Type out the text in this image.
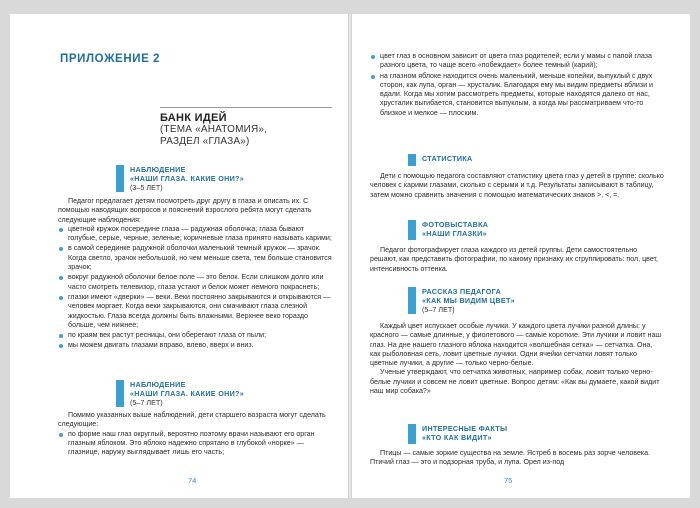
ПРИЛОЖЕНИЕ 2
БАНК ИДЕЙ
(ТЕМА «АНАТОМИЯ»,
РАЗДЕЛ «ГЛАЗА»)
НАБЛЮДЕНИЕ
«НАШИ ГЛАЗА. КАКИЕ ОНИ?»
(3–5 ЛЕТ)

Педагог предлагает детям посмотреть друг другу в глаза и описать их. С помощью наводящих вопросов и пояснений взрослого ребята могут сделать следующие наблюдения:

цветной кружок посередине глаза — радужная оболочка; глаза бывают голубые, серые, черные, зеленые; коричневые глаза принято называть карими;
в самой серединке радужной оболочки маленький темный кружок — зрачок. Когда светло, зрачок небольшой, но чем меньше света, тем больше становится зрачок;
вокруг радужной оболочки белое поле — это белок. Если слишком долго или часто смотреть телевизор, глаза устают и белок может немного покраснеть;
глазки имеют «дверки» — веки. Веки постоянно закрываются и открываются — человек моргает. Когда веки закрываются, они смачивают глаза слезной жидкостью. Глаза всегда должны быть влажными. Верхнее веко гораздо больше, чем нижнее;
по краям век растут ресницы, они оберегают глаза от пыли;
мы можем двигать глазами вправо, влево, вверх и вниз.
НАБЛЮДЕНИЕ
«НАШИ ГЛАЗА. КАКИЕ ОНИ?»
(5–7 ЛЕТ)

Помимо указанных выше наблюдений, дети старшего возраста могут сделать следующие:

по форме наш глаз округлый, вероятно поэтому врачи называют его орган глазным яблоком. Это яблоко надежно спрятано в глубокой «норке» — глазнице, наружу выглядывает лишь его часть;
74
цвет глаз в основном зависит от цвета глаз родителей; если у мамы с папой глаза разного цвета, то чаще всего «побеждает» более темный (карий);
на глазном яблоке находится очень маленький, меньше копейки, выпуклый с двух сторон, как лупа, орган — хрусталик. Благодаря ему мы видим предметы вблизи и вдали. Когда мы хотим рассмотреть предметы, которые находятся далеко от нас, хрусталик выгибается, становится выпуклым, а когда мы рассматриваем что-то близкое и мелкое — плоским.
СТАТИСТИКА

Дети с помощью педагога составляют статистику цвета глаз у детей в группе: сколько человек с карими глазами, сколько с серыми и т.д. Результаты записывают в таблицу, затем можно сравнить значения с помощью математических знаков >, <, =.

ФОТОВЫСТАВКА
«НАШИ ГЛАЗКИ»

Педагог фотографирует глаза каждого из детей группы. Дети самостоятельно решают, как представить фотографии, по какому признаку их сгруппировать: пол, цвет, интенсивность оттенка.

РАССКАЗ ПЕДАГОГА
«КАК МЫ ВИДИМ ЦВЕТ»
(5–7 ЛЕТ)

Каждый цвет испускает особые лучики. У каждого цвета лучики разной длины: у красного — самые длинные, у фиолетового — самые короткие. Эти лучики и ловит наш глаз. На дне нашего глазного яблока находится «волшебная сетка» — сетчатка. Она, как рыболовная сеть, ловит цветные лучики. Одни ячейки сетчатки ловят только цветные лучики, а другие — только черно-белые.

Ученые утверждают, что сетчатка животных, например собак, ловит только черно-белые лучики и совсем не ловит цветные. Вопрос детям: «Как вы думаете, какой видит наш мир собака?»

ИНТЕРЕСНЫЕ ФАКТЫ
«КТО КАК ВИДИТ»

Птицы — самые зоркие существа на земле. Ястреб в восемь раз зорче человека. Птичий глаз — это и подзорная труба, и лупа. Орел из-под

75
